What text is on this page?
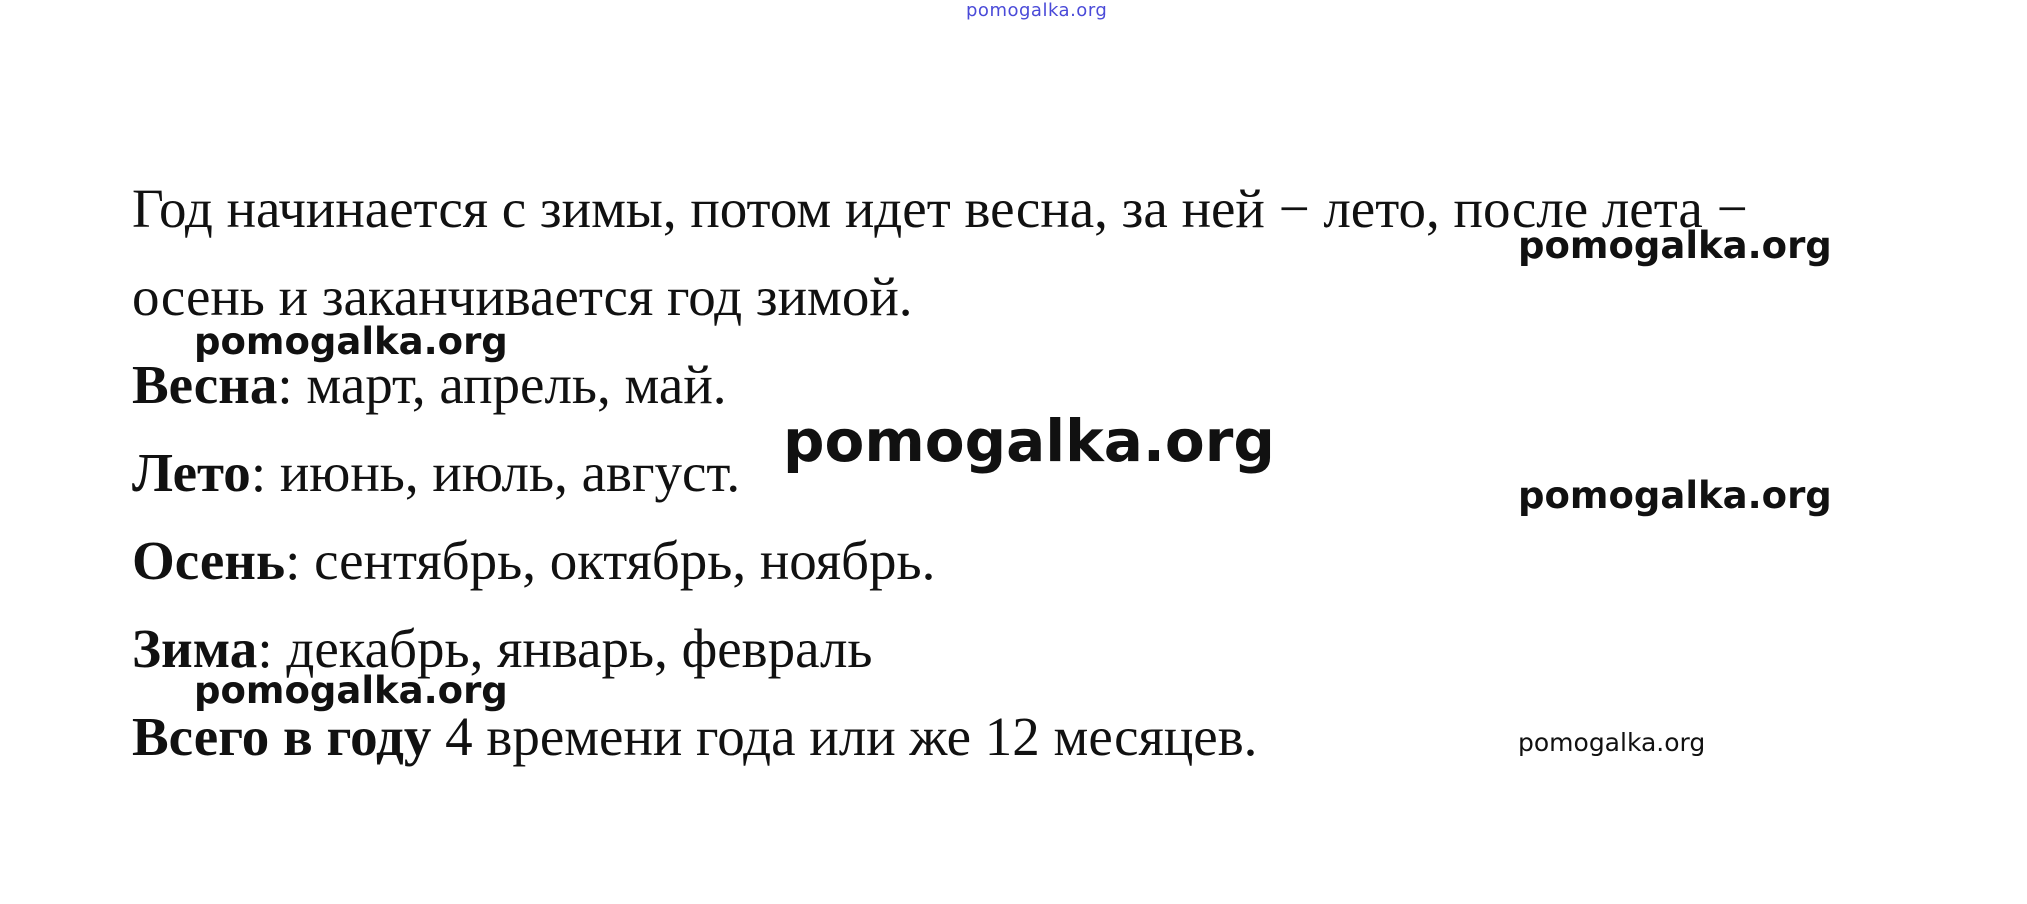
pomogalka.org
Год начинается с зимы, потом идет весна, за ней − лето, после лета −
осень и заканчивается год зимой.
Весна: март, апрель, май.
Лето: июнь, июль, август.
Осень: сентябрь, октябрь, ноябрь.
Зима: декабрь, январь, февраль
Всего в году 4 времени года или же 12 месяцев.
pomogalka.org
pomogalka.org
pomogalka.org
pomogalka.org
pomogalka.org
pomogalka.org
